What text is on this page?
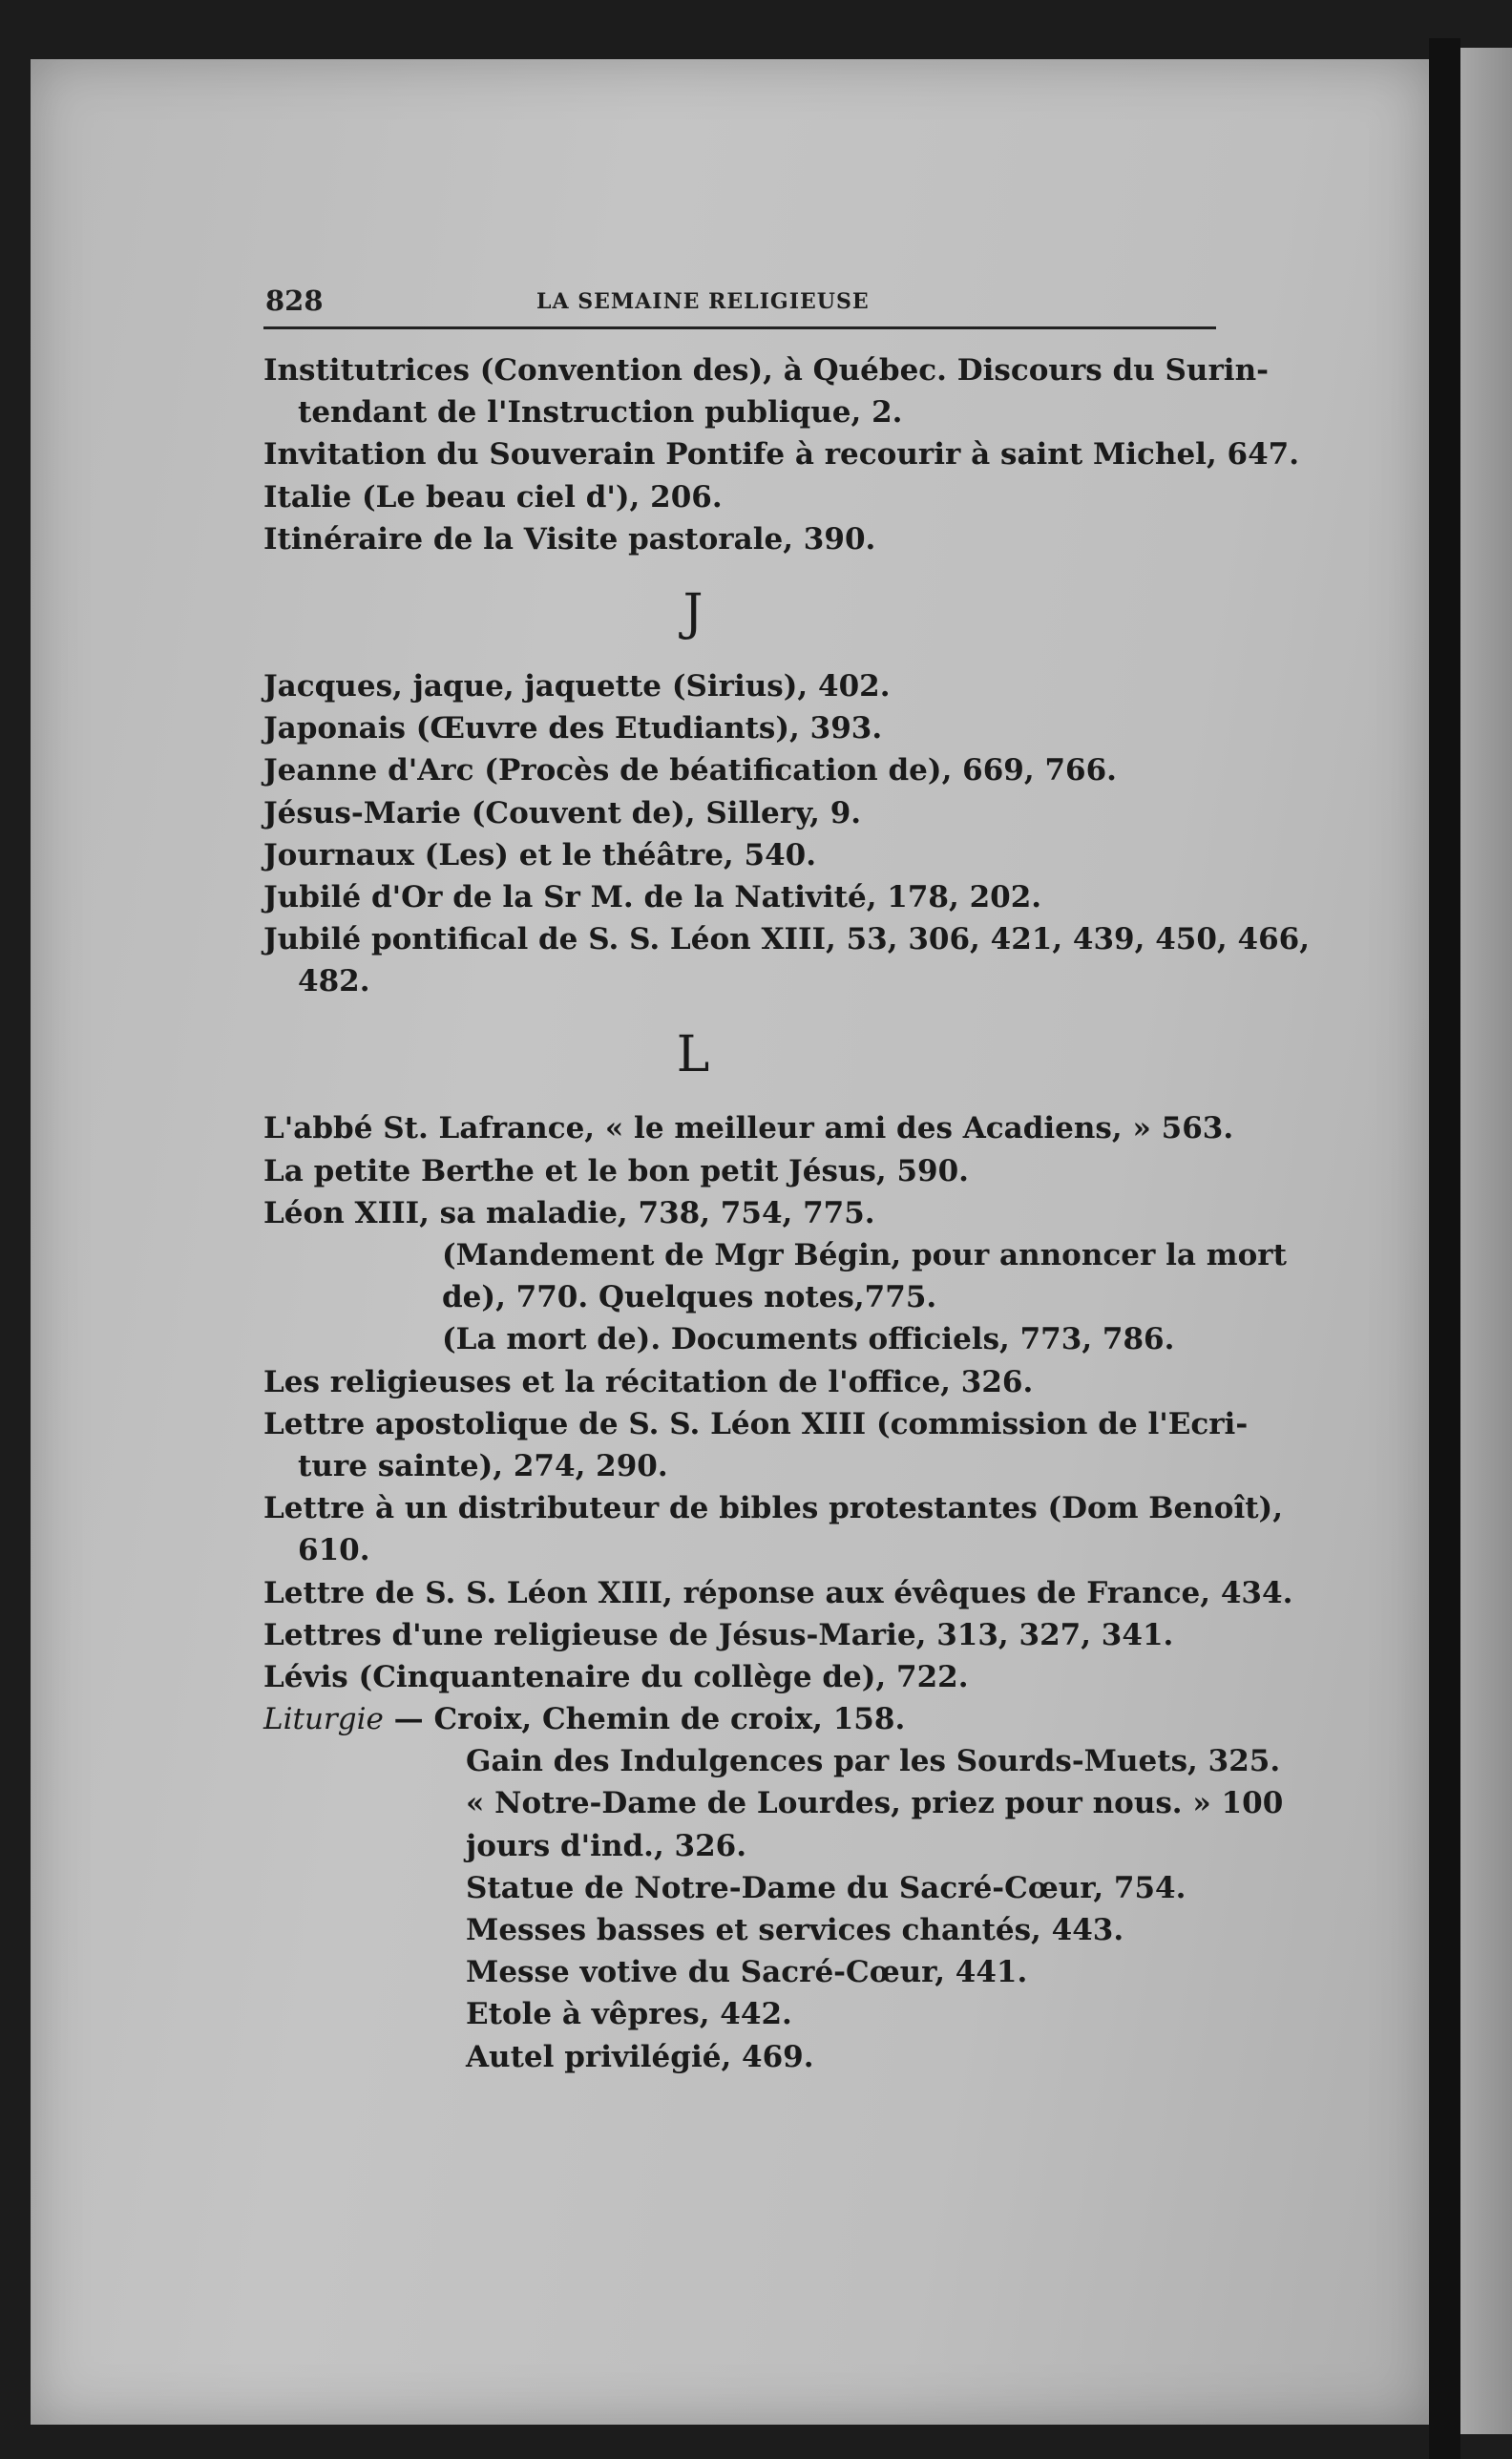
828	LA SEMAINE RELIGIEUSE
Institutrices (Convention des), à Québec. Discours du Surin-
tendant de l'Instruction publique, 2.
Invitation du Souverain Pontife à recourir à saint Michel, 647.
Italie (Le beau ciel d'), 206.
Itinéraire de la Visite pastorale, 390.
J
Jacques, jaque, jaquette (Sirius), 402.
Japonais (Œuvre des Etudiants), 393.
Jeanne d'Arc (Procès de béatification de), 669, 766.
Jésus-Marie (Couvent de), Sillery, 9.
Journaux (Les) et le théâtre, 540.
Jubilé d'Or de la Sr M. de la Nativité, 178, 202.
Jubilé pontifical de S. S. Léon XIII, 53, 306, 421, 439, 450, 466,
482.
L
L'abbé St. Lafrance, « le meilleur ami des Acadiens, » 563.
La petite Berthe et le bon petit Jésus, 590.
Léon XIII, sa maladie, 738, 754, 775.
(Mandement de Mgr Bégin, pour annoncer la mort
de), 770. Quelques notes,775.
(La mort de). Documents officiels, 773, 786.
Les religieuses et la récitation de l'office, 326.
Lettre apostolique de S. S. Léon XIII (commission de l'Ecri-
ture sainte), 274, 290.
Lettre à un distributeur de bibles protestantes (Dom Benoît),
610.
Lettre de S. S. Léon XIII, réponse aux évêques de France, 434.
Lettres d'une religieuse de Jésus-Marie, 313, 327, 341.
Lévis (Cinquantenaire du collège de), 722.
Liturgie — Croix, Chemin de croix, 158.
Gain des Indulgences par les Sourds-Muets, 325.
« Notre-Dame de Lourdes, priez pour nous. » 100
jours d'ind., 326.
Statue de Notre-Dame du Sacré-Cœur, 754.
Messes basses et services chantés, 443.
Messe votive du Sacré-Cœur, 441.
Etole à vêpres, 442.
Autel privilégié, 469.
